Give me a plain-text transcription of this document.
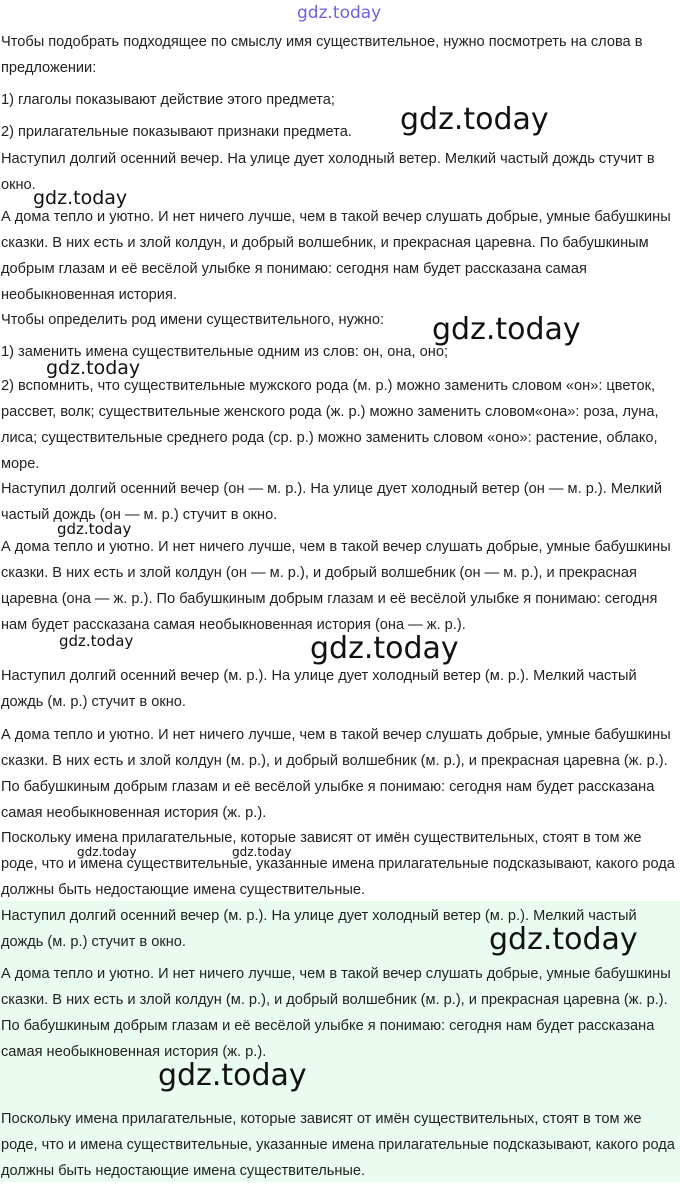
gdz.today

Чтобы подобрать подходящее по смыслу имя существительное, нужно посмотреть на слова в предложении:

1) глаголы показывают действие этого предмета;

2) прилагательные показывают признаки предмета.

Наступил долгий осенний вечер. На улице дует холодный ветер. Мелкий частый дождь стучит в окно.

А дома тепло и уютно. И нет ничего лучше, чем в такой вечер слушать добрые, умные бабушкины сказки. В них есть и злой колдун, и добрый волшебник, и прекрасная царевна. По бабушкиным добрым глазам и её весёлой улыбке я понимаю: сегодня нам будет рассказана самая необыкновенная история.

Чтобы определить род имени существительного, нужно:

1) заменить имена существительные одним из слов: он, она, оно;

2) вспомнить, что существительные мужского рода (м. р.) можно заменить словом «он»: цветок, рассвет, волк; существительные женского рода (ж. р.) можно заменить словом«она»: роза, луна, лиса; существительные среднего рода (ср. р.) можно заменить словом «оно»: растение, облако, море.

Наступил долгий осенний вечер (он — м. р.). На улице дует холодный ветер (он — м. р.). Мелкий частый дождь (он — м. р.) стучит в окно.

А дома тепло и уютно. И нет ничего лучше, чем в такой вечер слушать добрые, умные бабушкины сказки. В них есть и злой колдун (он — м. р.), и добрый волшебник (он — м. р.), и прекрасная царевна (она — ж. р.). По бабушкиным добрым глазам и её весёлой улыбке я понимаю: сегодня нам будет рассказана самая необыкновенная история (она — ж. р.).

Наступил долгий осенний вечер (м. р.). На улице дует холодный ветер (м. р.). Мелкий частый дождь (м. р.) стучит в окно.

А дома тепло и уютно. И нет ничего лучше, чем в такой вечер слушать добрые, умные бабушкины сказки. В них есть и злой колдун (м. р.), и добрый волшебник (м. р.), и прекрасная царевна (ж. р.). По бабушкиным добрым глазам и её весёлой улыбке я понимаю: сегодня нам будет рассказана самая необыкновенная история (ж. р.).

Поскольку имена прилагательные, которые зависят от имён существительных, стоят в том же роде, что и имена существительные, указанные имена прилагательные подсказывают, какого рода должны быть недостающие имена существительные.

Наступил долгий осенний вечер (м. р.). На улице дует холодный ветер (м. р.). Мелкий частый дождь (м. р.) стучит в окно.

А дома тепло и уютно. И нет ничего лучше, чем в такой вечер слушать добрые, умные бабушкины сказки. В них есть и злой колдун (м. р.), и добрый волшебник (м. р.), и прекрасная царевна (ж. р.). По бабушкиным добрым глазам и её весёлой улыбке я понимаю: сегодня нам будет рассказана самая необыкновенная история (ж. р.).

Поскольку имена прилагательные, которые зависят от имён существительных, стоят в том же роде, что и имена существительные, указанные имена прилагательные подсказывают, какого рода должны быть недостающие имена существительные.

gdz.today
gdz.today
gdz.today
gdz.today
gdz.today
gdz.today	gdz.today
gdz.today	gdz.today
gdz.today
gdz.today
